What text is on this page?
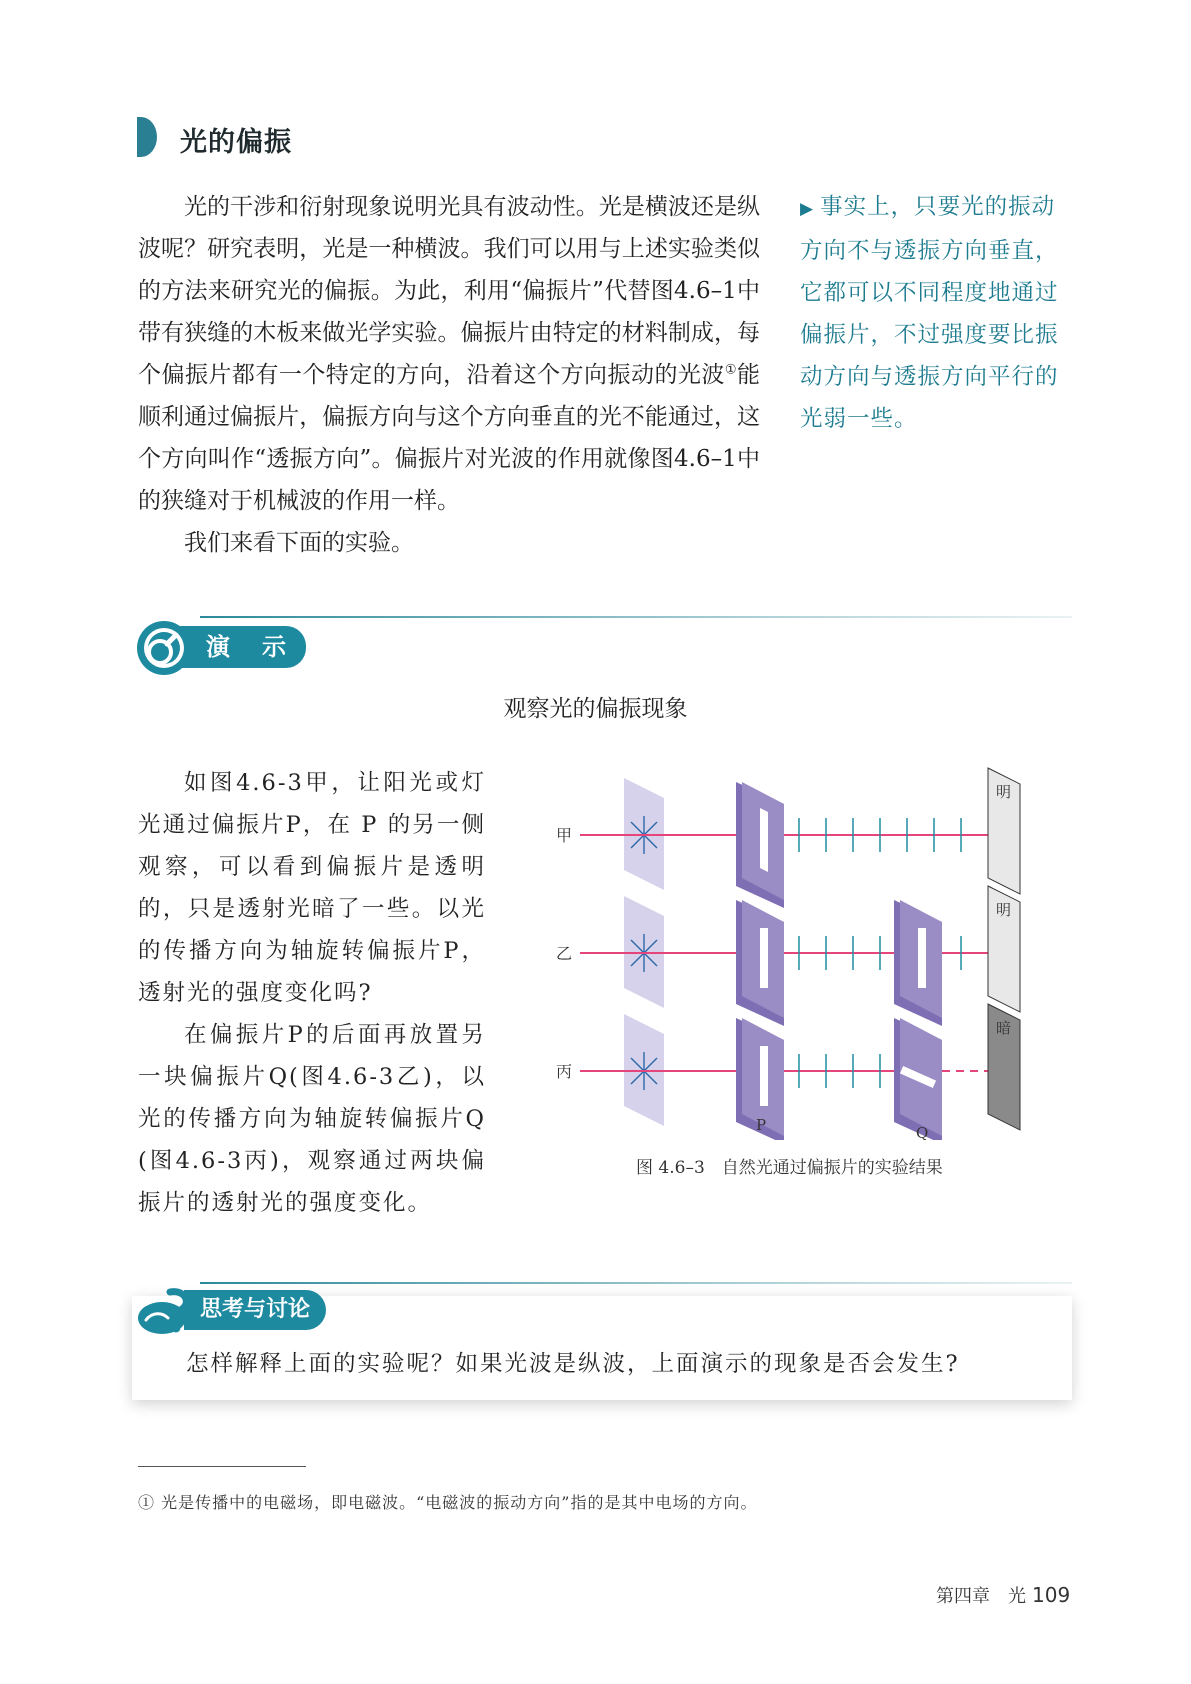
光的偏振

光的干涉和衍射现象说明光具有波动性。光是横波还是纵波呢？研究表明，光是一种横波。我们可以用与上述实验类似的方法来研究光的偏振。为此，利用“偏振片”代替图4.6–1中带有狭缝的木板来做光学实验。偏振片由特定的材料制成，每个偏振片都有一个特定的方向，沿着这个方向振动的光波①能顺利通过偏振片，偏振方向与这个方向垂直的光不能通过，这个方向叫作“透振方向”。偏振片对光波的作用就像图4.6–1中的狭缝对于机械波的作用一样。

我们来看下面的实验。

▶ 事实上，只要光的振动方向不与透振方向垂直，它都可以不同程度地通过偏振片，不过强度要比振动方向与透振方向平行的光弱一些。
演　示
观察光的偏振现象

如图4.6-3甲，让阳光或灯光通过偏振片P，在 P 的另一侧观察，可以看到偏振片是透明的，只是透射光暗了一些。以光的传播方向为轴旋转偏振片P，透射光的强度变化吗?

在偏振片P的后面再放置另一块偏振片Q(图4.6-3乙)，以光的传播方向为轴旋转偏振片Q (图4.6-3丙)，观察通过两块偏振片的透射光的强度变化。

甲
明
乙
明
丙
P	Q
暗
图 4.6–3　自然光通过偏振片的实验结果
思考与讨论
怎样解释上面的实验呢？如果光波是纵波，上面演示的现象是否会发生?
① 光是传播中的电磁场，即电磁波。“电磁波的振动方向”指的是其中电场的方向。
第四章　光 109
